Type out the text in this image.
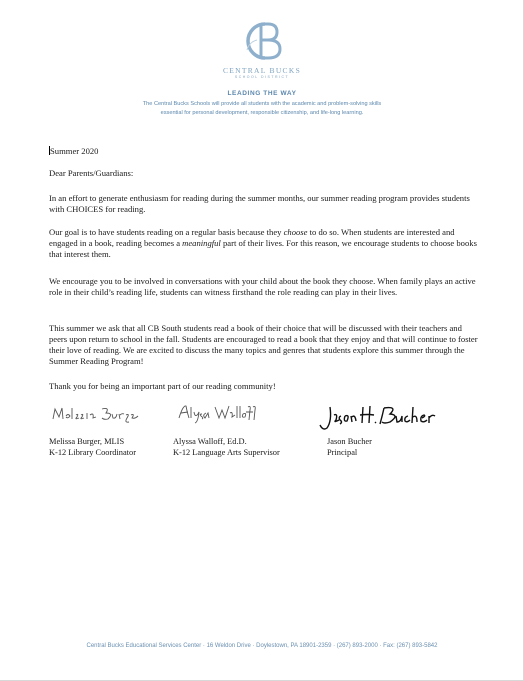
CENTRAL BUCKS
SCHOOL DISTRICT
LEADING THE WAY
The Central Bucks Schools will provide all students with the academic and problem-solving skills
essential for personal development, responsible citizenship, and life-long learning.
Summer 2020
Dear Parents/Guardians:

In an effort to generate enthusiasm for reading during the summer months, our summer reading program provides students with CHOICES for reading.

Our goal is to have students reading on a regular basis because they choose to do so. When students are interested and engaged in a book, reading becomes a meaningful part of their lives. For this reason, we encourage students to choose books that interest them.

We encourage you to be involved in conversations with your child about the book they choose. When family plays an active role in their child’s reading life, students can witness firsthand the role reading can play in their lives.

This summer we ask that all CB South students read a book of their choice that will be discussed with their teachers and peers upon return to school in the fall. Students are encouraged to read a book that they enjoy and that will continue to foster their love of reading. We are excited to discuss the many topics and genres that students explore this summer through the Summer Reading Program!

Thank you for being an important part of our reading community!

Melissa Burger, MLIS
K-12 Library Coordinator
Alyssa Walloff, Ed.D.
K-12 Language Arts Supervisor
Jason Bucher
Principal
Central Bucks Educational Services Center · 16 Weldon Drive · Doylestown, PA 18901-2359 · (267) 893-2000 · Fax: (267) 893-5842
